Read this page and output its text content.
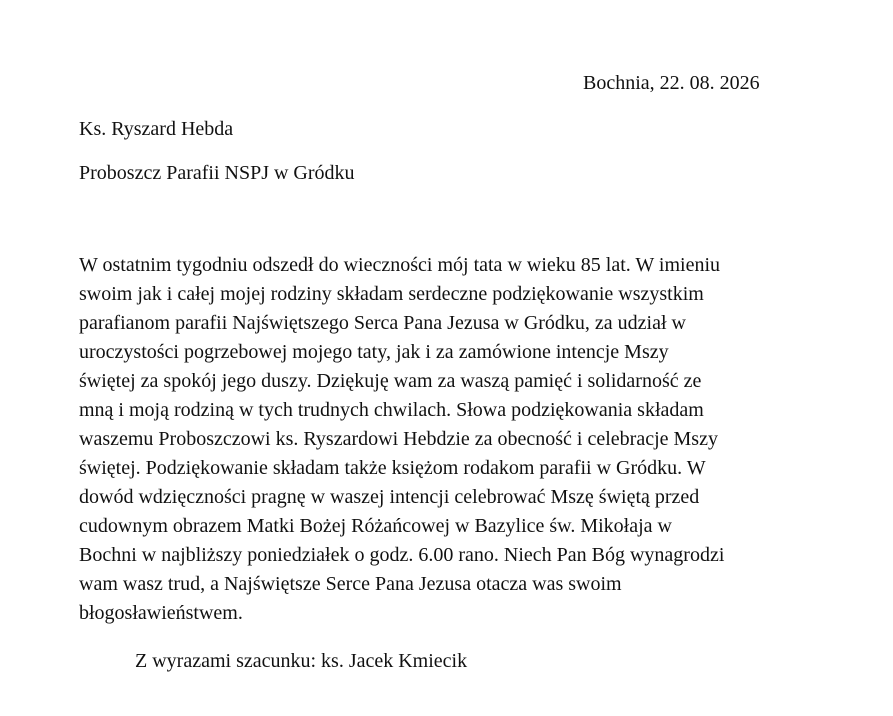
Bochnia, 22. 08. 2026
Ks. Ryszard Hebda
Proboszcz Parafii NSPJ w Gródku
W ostatnim tygodniu odszedł do wieczności mój tata w wieku 85 lat. W imieniu
swoim jak i całej mojej rodziny składam serdeczne podziękowanie wszystkim
parafianom parafii Najświętszego Serca Pana Jezusa w Gródku, za udział w
uroczystości pogrzebowej mojego taty, jak i za zamówione intencje Mszy
świętej za spokój jego duszy. Dziękuję wam za waszą pamięć i solidarność ze
mną i moją rodziną w tych trudnych chwilach. Słowa podziękowania składam
waszemu Proboszczowi ks. Ryszardowi Hebdzie za obecność i celebracje Mszy
świętej. Podziękowanie składam także księżom rodakom parafii w Gródku. W
dowód wdzięczności pragnę w waszej intencji celebrować Mszę świętą przed
cudownym obrazem Matki Bożej Różańcowej w Bazylice św. Mikołaja w
Bochni w najbliższy poniedziałek o godz. 6.00 rano. Niech Pan Bóg wynagrodzi
wam wasz trud, a Najświętsze Serce Pana Jezusa otacza was swoim
błogosławieństwem.
Z wyrazami szacunku: ks. Jacek Kmiecik
